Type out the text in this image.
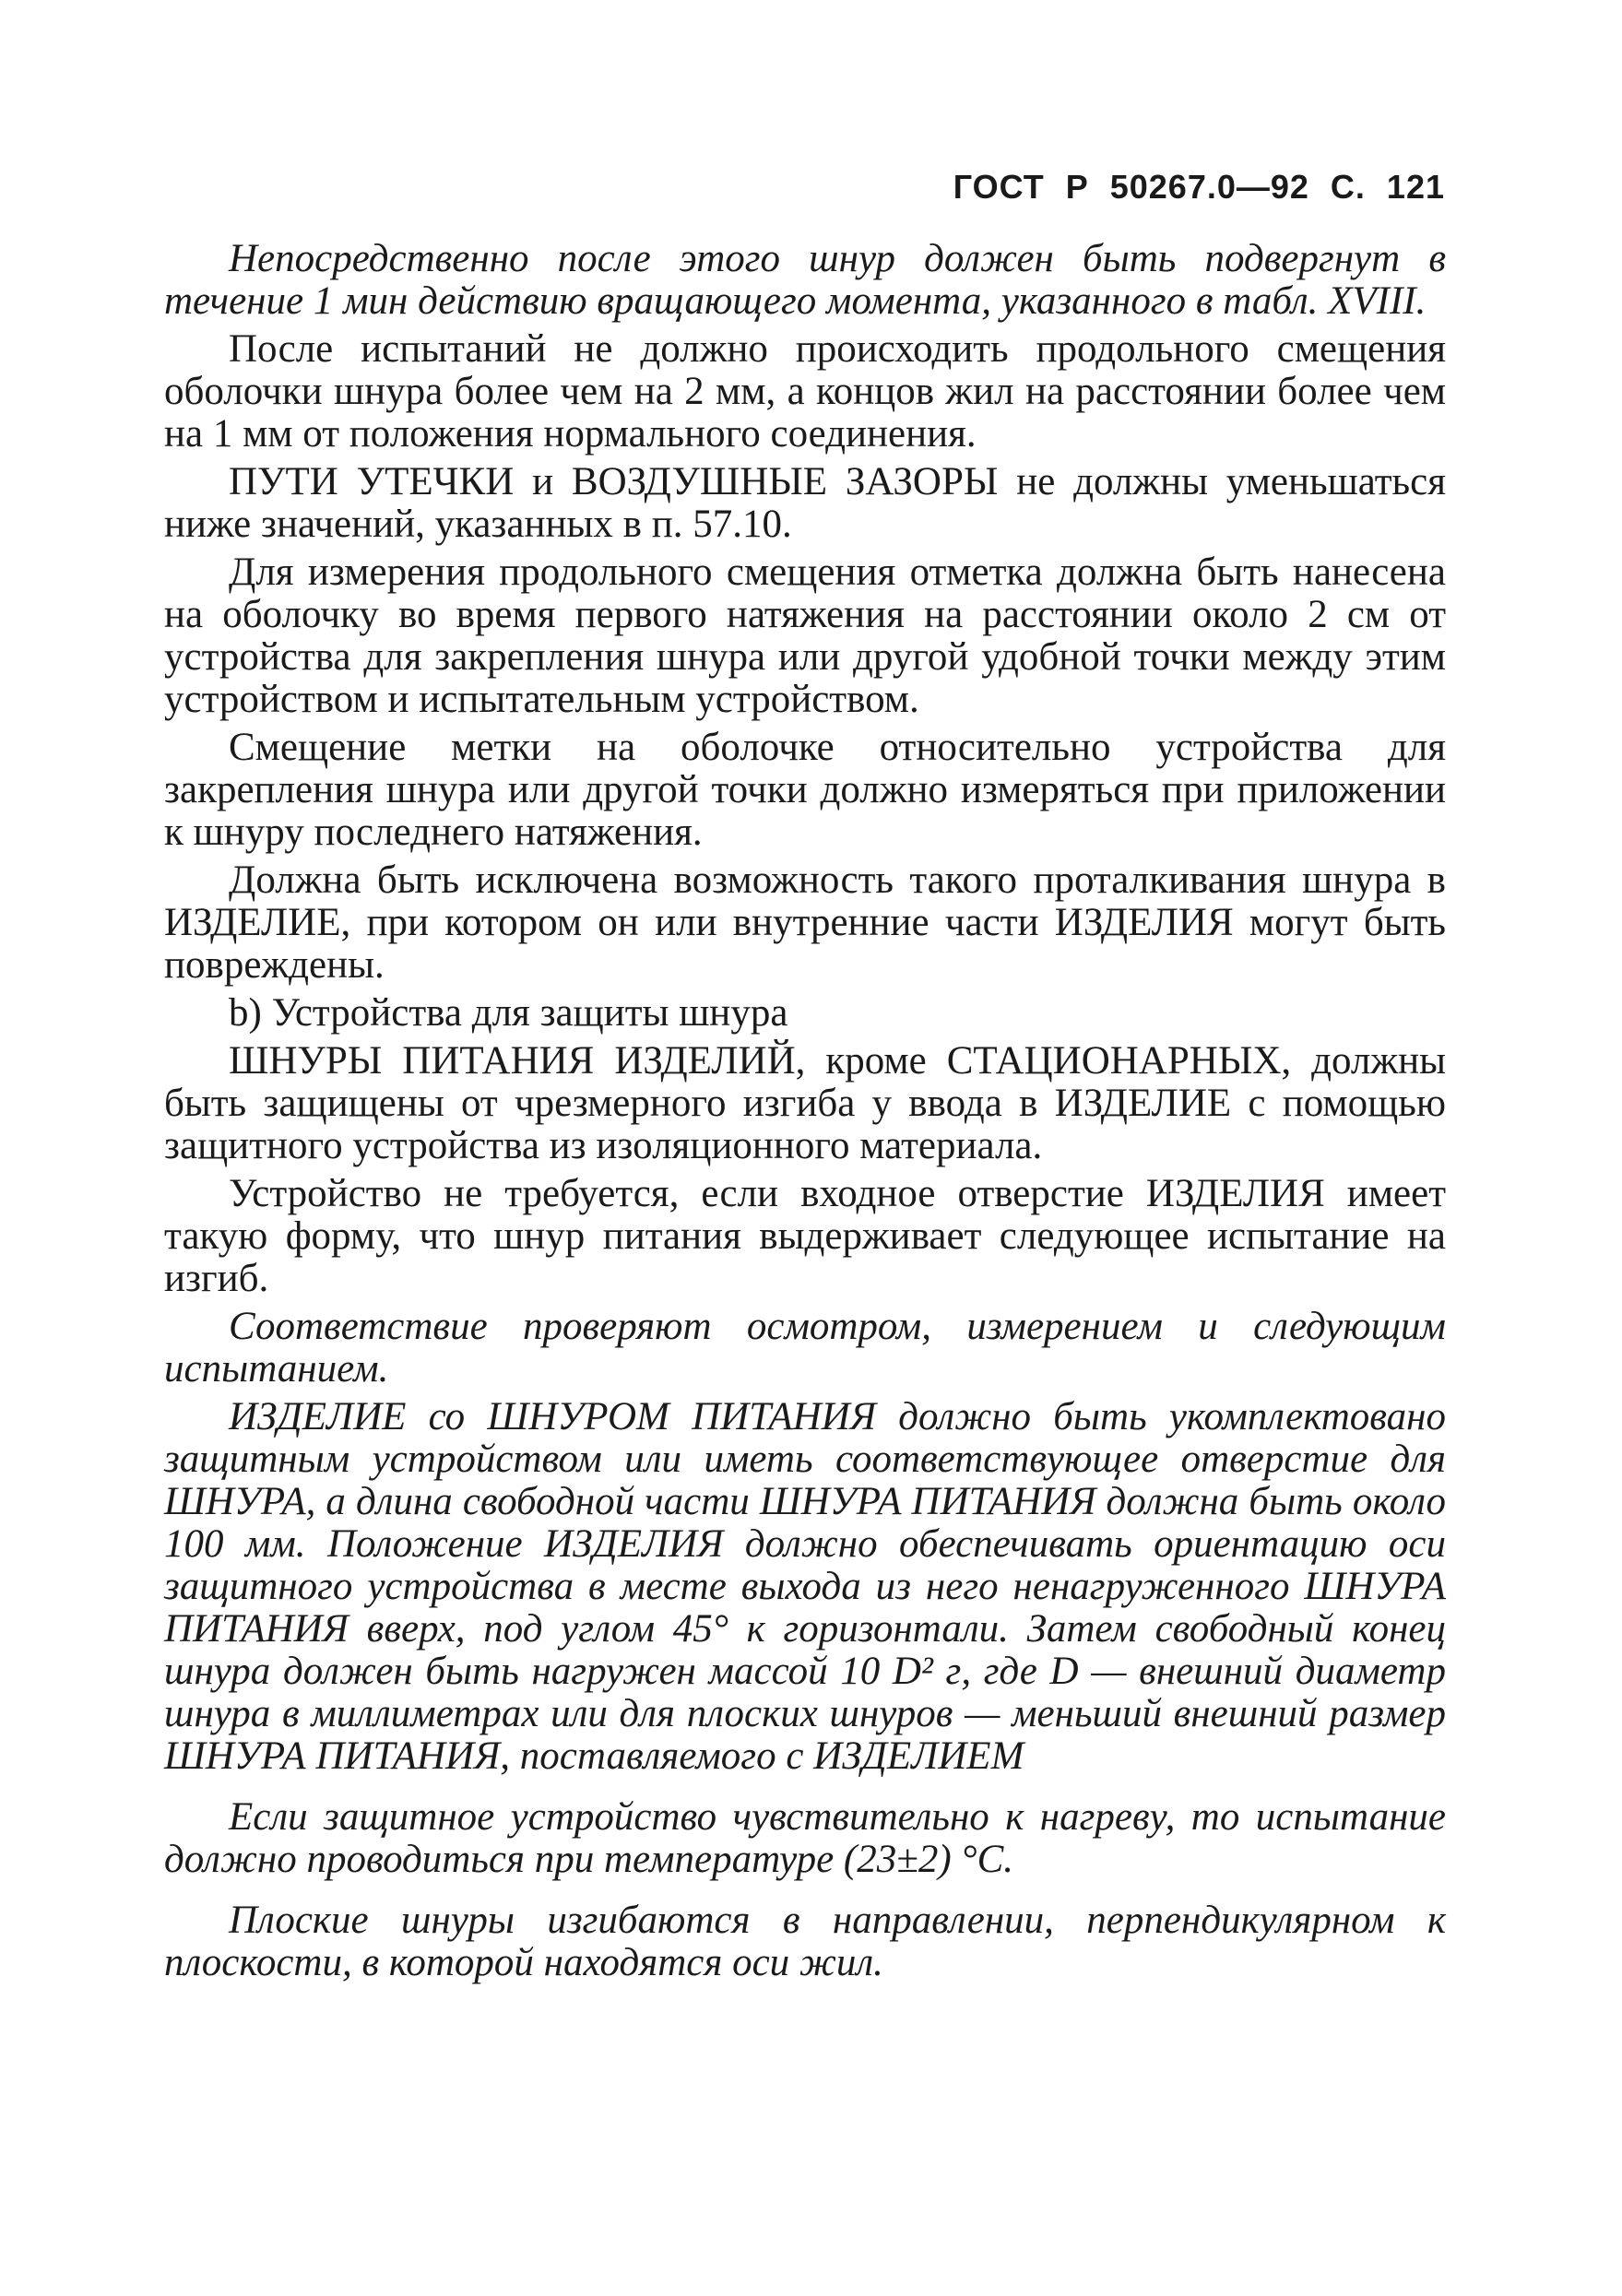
ГОСТ Р 50267.0—92 С. 121

Непосредственно после этого шнур должен быть подвергнут в течение 1 мин действию вращающего момента, указанного в табл. XVIII.

После испытаний не должно происходить продольного смещения оболочки шнура более чем на 2 мм, а концов жил на расстоянии более чем на 1 мм от положения нормального соединения.

ПУТИ УТЕЧКИ и ВОЗДУШНЫЕ ЗАЗОРЫ не должны уменьшаться ниже значений, указанных в п. 57.10.

Для измерения продольного смещения отметка должна быть нанесена на оболочку во время первого натяжения на расстоянии около 2 см от устройства для закрепления шнура или другой удобной точки между этим устройством и испытательным устройством.

Смещение метки на оболочке относительно устройства для закрепления шнура или другой точки должно измеряться при приложении к шнуру последнего натяжения.

Должна быть исключена возможность такого проталкивания шнура в ИЗДЕЛИЕ, при котором он или внутренние части ИЗДЕЛИЯ могут быть повреждены.

b) Устройства для защиты шнура

ШНУРЫ ПИТАНИЯ ИЗДЕЛИЙ, кроме СТАЦИОНАРНЫХ, должны быть защищены от чрезмерного изгиба у ввода в ИЗДЕЛИЕ с помощью защитного устройства из изоляционного материала.

Устройство не требуется, если входное отверстие ИЗДЕЛИЯ имеет такую форму, что шнур питания выдерживает следующее испытание на изгиб.

Соответствие проверяют осмотром, измерением и следующим испытанием.

ИЗДЕЛИЕ со ШНУРОМ ПИТАНИЯ должно быть укомплектовано защитным устройством или иметь соответствующее отверстие для ШНУРА, а длина свободной части ШНУРА ПИТАНИЯ должна быть около 100 мм. Положение ИЗДЕЛИЯ должно обеспечивать ориентацию оси защитного устройства в месте выхода из него ненагруженного ШНУРА ПИТАНИЯ вверх, под углом 45° к горизонтали. Затем свободный конец шнура должен быть нагружен массой 10 D² г, где D — внешний диаметр шнура в миллиметрах или для плоских шнуров — меньший внешний размер ШНУРА ПИТАНИЯ, поставляемого с ИЗДЕЛИЕМ

Если защитное устройство чувствительно к нагреву, то испытание должно проводиться при температуре (23±2) °С.

Плоские шнуры изгибаются в направлении, перпендикулярном к плоскости, в которой находятся оси жил.
